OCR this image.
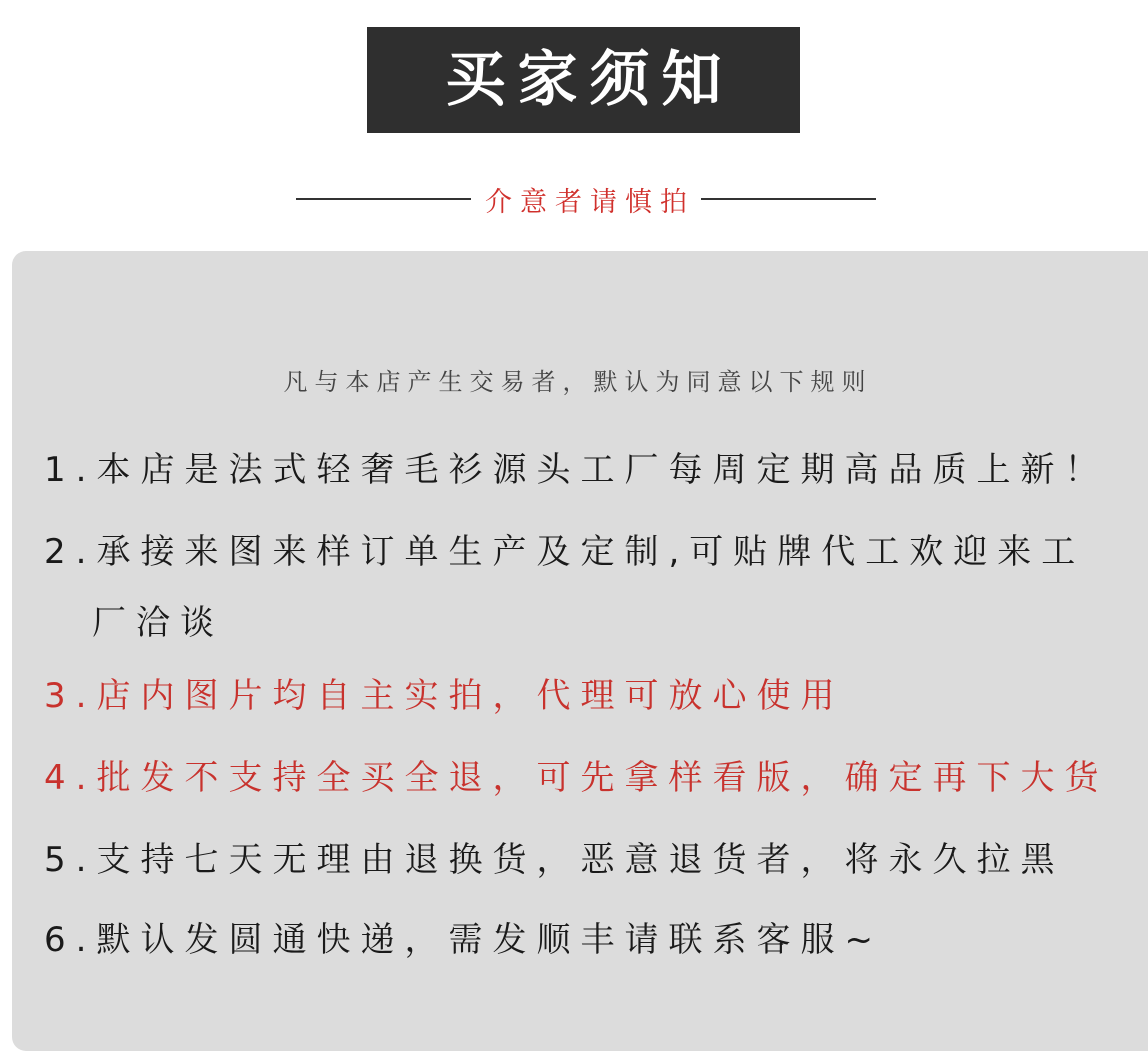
买家须知
介意者请慎拍
凡与本店产生交易者，默认为同意以下规则
1.本店是法式轻奢毛衫源头工厂每周定期高品质上新！
2.承接来图来样订单生产及定制,可贴牌代工欢迎来工
厂洽谈
3.店内图片均自主实拍，代理可放心使用
4.批发不支持全买全退，可先拿样看版，确定再下大货
5.支持七天无理由退换货，恶意退货者，将永久拉黑
6.默认发圆通快递，需发顺丰请联系客服~
